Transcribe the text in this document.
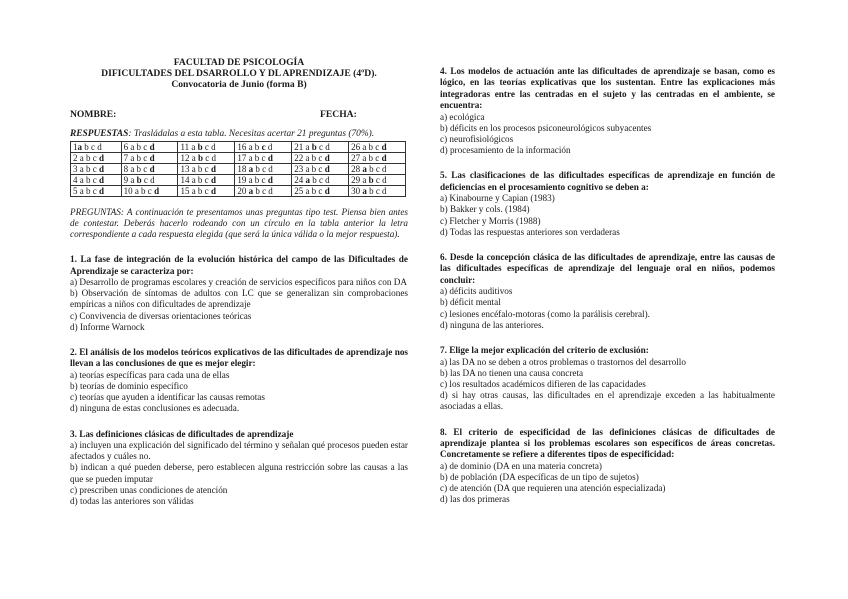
FACULTAD DE PSICOLOGÍA
DIFICULTADES DEL DSARROLLO Y DL APRENDIZAJE (4ºD).
Convocatoria de Junio (forma B)
NOMBRE:	FECHA:
RESPUESTAS: Trasládalas a esta tabla. Necesitas acertar 21 preguntas (70%).
1a b c d	6 a b c d	11 a b c d	16 a b c d	21 a b c d	26 a b c d
2 a b c d	7 a b c d	12 a b c d	17 a b c d	22 a b c d	27 a b c d
3 a b c d	8 a b c d	13 a b c d	18 a b c d	23 a b c d	28 a b c d
4 a b c d	9 a b c d	14 a b c d	19 a b c d	24 a b c d	29 a b c d
5 a b c d	10 a b c d	15 a b c d	20 a b c d	25 a b c d	30 a b c d
PREGUNTAS: A continuación te presentamos unas preguntas tipo test. Piensa bien antes de contestar. Deberás hacerlo rodeando con un círculo en la tabla anterior la letra correspondiente a cada respuesta elegida (que será la única válida o la mejor respuesta).
1. La fase de integración de la evolución histórica del campo de las Dificultades de Aprendizaje se caracteriza por:
a) Desarrollo de programas escolares y creación de servicios específicos para niños con DA
b) Observación de síntomas de adultos con LC que se generalizan sin comprobaciones empíricas a niños con dificultades de aprendizaje
c) Convivencia de diversas orientaciones teóricas
d) Informe Warnock
2. El análisis de los modelos teóricos explicativos de las dificultades de aprendizaje nos llevan a las conclusiones de que es mejor elegir:
a) teorías específicas para cada una de ellas
b) teorías de dominio específico
c) teorías que ayuden a identificar las causas remotas
d) ninguna de estas conclusiones es adecuada.
3. Las definiciones clásicas de dificultades de aprendizaje
a) incluyen una explicación del significado del término y señalan qué procesos pueden estar afectados y cuáles no.
b) indican a qué pueden deberse, pero establecen alguna restricción sobre las causas a las que se pueden imputar
c) prescriben unas condiciones de atención
d) todas las anteriores son válidas
4. Los modelos de actuación ante las dificultades de aprendizaje se basan, como es lógico, en las teorías explicativas que los sustentan. Entre las explicaciones más integradoras entre las centradas en el sujeto y las centradas en el ambiente, se encuentra:
a) ecológica
b) déficits en los procesos psiconeurológicos subyacentes
c) neurofisiológicos
d) procesamiento de la información
5. Las clasificaciones de las dificultades específicas de aprendizaje en función de deficiencias en el procesamiento cognitivo se deben a:
a) Kinabourne y Capian (1983)
b) Bakker y cols. (1984)
c) Fletcher y Morris (1988)
d) Todas las respuestas anteriores son verdaderas
6. Desde la concepción clásica de las dificultades de aprendizaje, entre las causas de las dificultades específicas de aprendizaje del lenguaje oral en niños, podemos concluir:
a) déficits auditivos
b) déficit mental
c) lesiones encéfalo-motoras (como la parálisis cerebral).
d) ninguna de las anteriores.
7. Elige la mejor explicación del criterio de exclusión:
a) las DA no se deben a otros problemas o trastornos del desarrollo
b) las DA no tienen una causa concreta
c) los resultados académicos difieren de las capacidades
d) si hay otras causas, las dificultades en el aprendizaje exceden a las habitualmente asociadas a ellas.
8. El criterio de especificidad de las definiciones clásicas de dificultades de aprendizaje plantea si los problemas escolares son específicos de áreas concretas. Concretamente se refiere a diferentes tipos de especificidad:
a) de dominio (DA en una materia concreta)
b) de población (DA específicas de un tipo de sujetos)
c) de atención (DA que requieren una atención especializada)
d) las dos primeras
